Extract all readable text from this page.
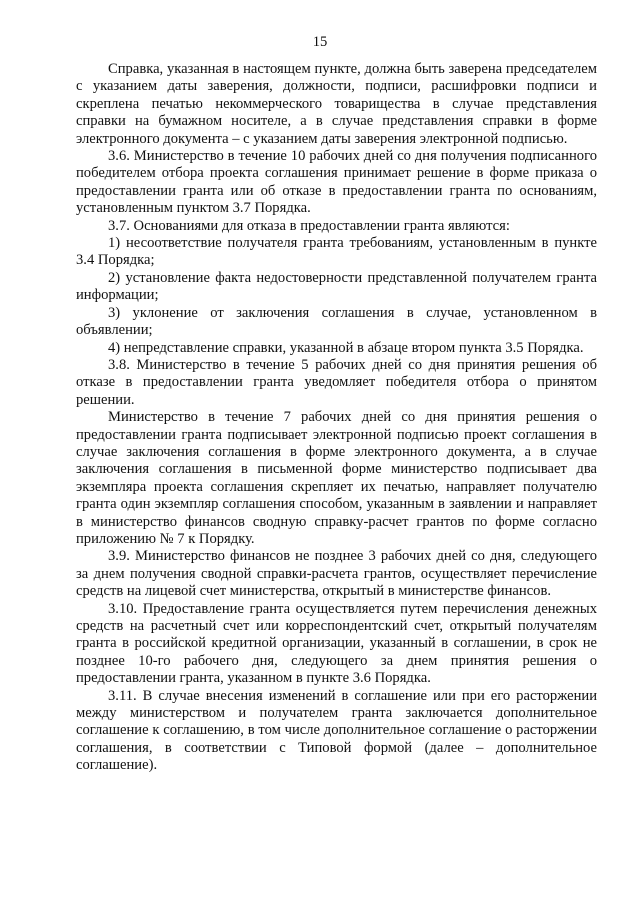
15

Справка, указанная в настоящем пункте, должна быть заверена председателем с указанием даты заверения, должности, подписи, расшифровки подписи и скреплена печатью некоммерческого товарищества в случае представления справки на бумажном носителе, а в случае представления справки в форме электронного документа – с указанием даты заверения электронной подписью.

3.6. Министерство в течение 10 рабочих дней со дня получения подписанного победителем отбора проекта соглашения принимает решение в форме приказа о предоставлении гранта или об отказе в предоставлении гранта по основаниям, установленным пунктом 3.7 Порядка.

3.7. Основаниями для отказа в предоставлении гранта являются:

1) несоответствие получателя гранта требованиям, установленным в пункте 3.4 Порядка;

2) установление факта недостоверности представленной получателем гранта информации;

3) уклонение от заключения соглашения в случае, установленном в объявлении;

4) непредставление справки, указанной в абзаце втором пункта 3.5 Порядка.

3.8. Министерство в течение 5 рабочих дней со дня принятия решения об отказе в предоставлении гранта уведомляет победителя отбора о принятом решении.

Министерство в течение 7 рабочих дней со дня принятия решения о предоставлении гранта подписывает электронной подписью проект соглашения в случае заключения соглашения в форме электронного документа, а в случае заключения соглашения в письменной форме министерство подписывает два экземпляра проекта соглашения скрепляет их печатью, направляет получателю гранта один экземпляр соглашения способом, указанным в заявлении и направляет в министерство финансов сводную справку-расчет грантов по форме согласно приложению № 7 к Порядку.

3.9. Министерство финансов не позднее 3 рабочих дней со дня, следующего за днем получения сводной справки-расчета грантов, осуществляет перечисление средств на лицевой счет министерства, открытый в министерстве финансов.

3.10. Предоставление гранта осуществляется путем перечисления денежных средств на расчетный счет или корреспондентский счет, открытый получателям гранта в российской кредитной организации, указанный в соглашении, в срок не позднее 10-го рабочего дня, следующего за днем принятия решения о предоставлении гранта, указанном в пункте 3.6 Порядка.

3.11. В случае внесения изменений в соглашение или при его расторжении между министерством и получателем гранта заключается дополнительное соглашение к соглашению, в том числе дополнительное соглашение о расторжении соглашения, в соответствии с Типовой формой (далее – дополнительное соглашение).
